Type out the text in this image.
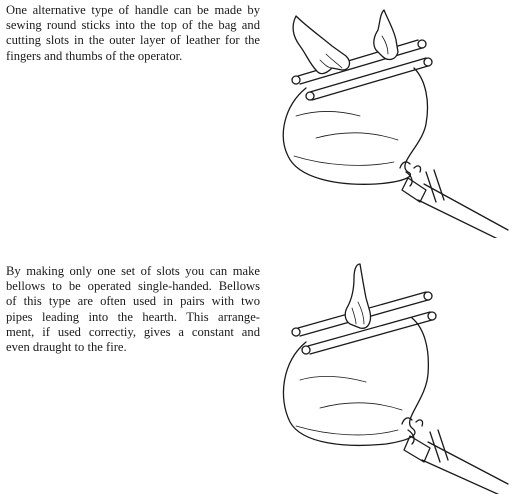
One alternative type of handle can be made by
sewing round sticks into the top of the bag and
cutting slots in the outer layer of leather for the
fingers and thumbs of the operator.

By making only one set of slots you can make
bellows to be operated single-handed. Bellows
of this type are often used in pairs with two
pipes leading into the hearth. This arrange-
ment, if used correctiy, gives a constant and
even draught to the fire.
